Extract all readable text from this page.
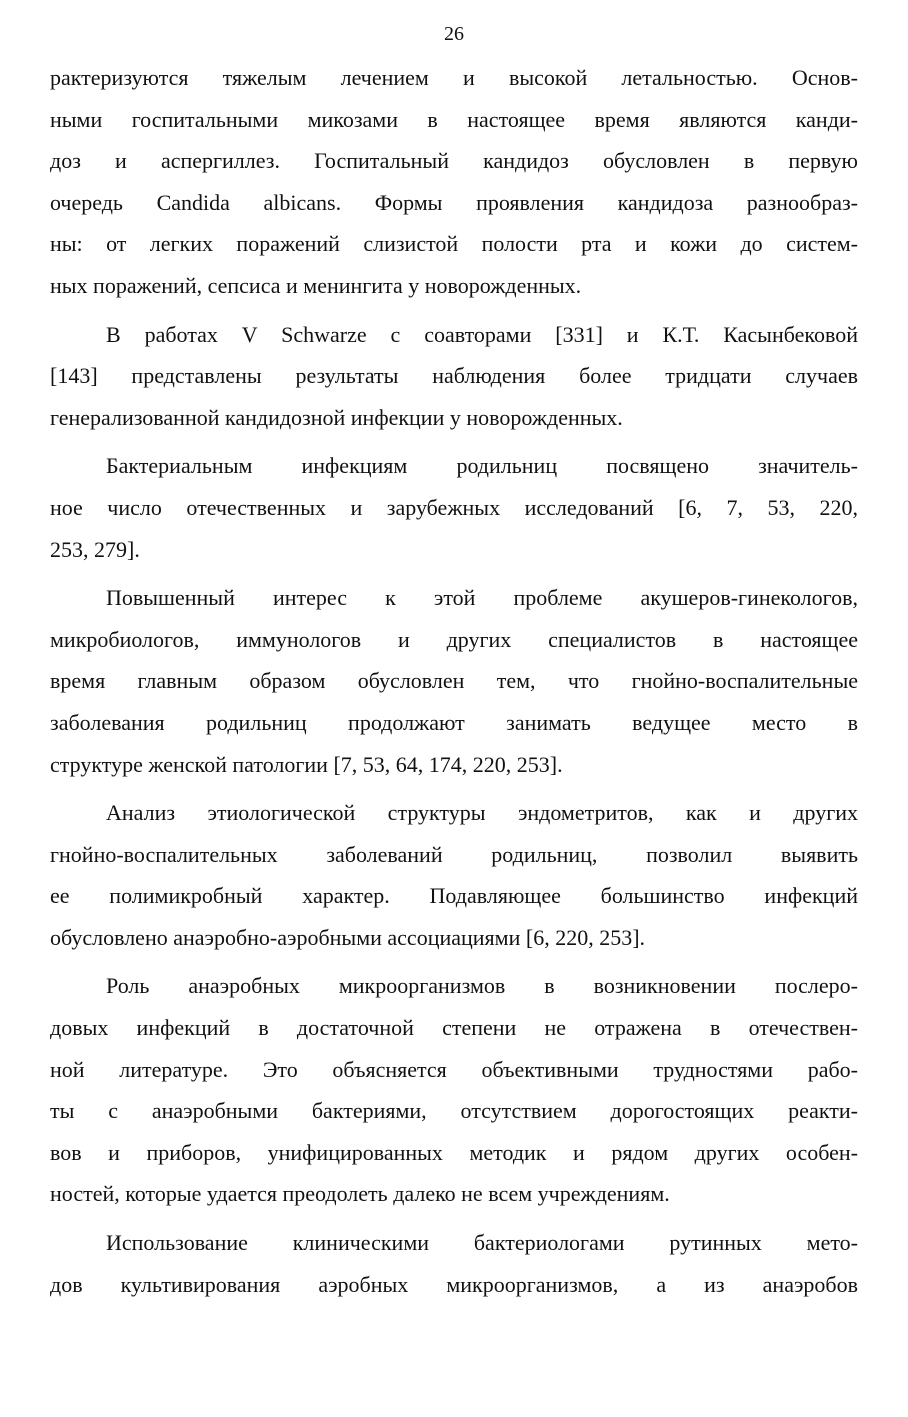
26
рактеризуются тяжелым лечением и высокой летальностью. Основ-
ными госпитальными микозами в настоящее время являются канди-
доз и аспергиллез. Госпитальный кандидоз обусловлен в первую
очередь Candida albicans. Формы проявления кандидоза разнообраз-
ны: от легких поражений слизистой полости рта и кожи до систем-
ных поражений, сепсиса и менингита у новорожденных.
В работах V Schwarze с соавторами [331] и К.Т. Касынбековой
[143] представлены результаты наблюдения более тридцати случаев
генерализованной кандидозной инфекции у новорожденных.
Бактериальным инфекциям родильниц посвящено значитель-
ное число отечественных и зарубежных исследований [6, 7, 53, 220,
253, 279].
Повышенный интерес к этой проблеме акушеров-гинекологов,
микробиологов, иммунологов и других специалистов в настоящее
время главным образом обусловлен тем, что гнойно-воспалительные
заболевания родильниц продолжают занимать ведущее место в
структуре женской патологии [7, 53, 64, 174, 220, 253].
Анализ этиологической структуры эндометритов, как и других
гнойно-воспалительных заболеваний родильниц, позволил выявить
ее полимикробный характер. Подавляющее большинство инфекций
обусловлено анаэробно-аэробными ассоциациями [6, 220, 253].
Роль анаэробных микроорганизмов в возникновении послеро-
довых инфекций в достаточной степени не отражена в отечествен-
ной литературе. Это объясняется объективными трудностями рабо-
ты с анаэробными бактериями, отсутствием дорогостоящих реакти-
вов и приборов, унифицированных методик и рядом других особен-
ностей, которые удается преодолеть далеко не всем учреждениям.
Использование клиническими бактериологами рутинных мето-
дов культивирования аэробных микроорганизмов, а из анаэробов
